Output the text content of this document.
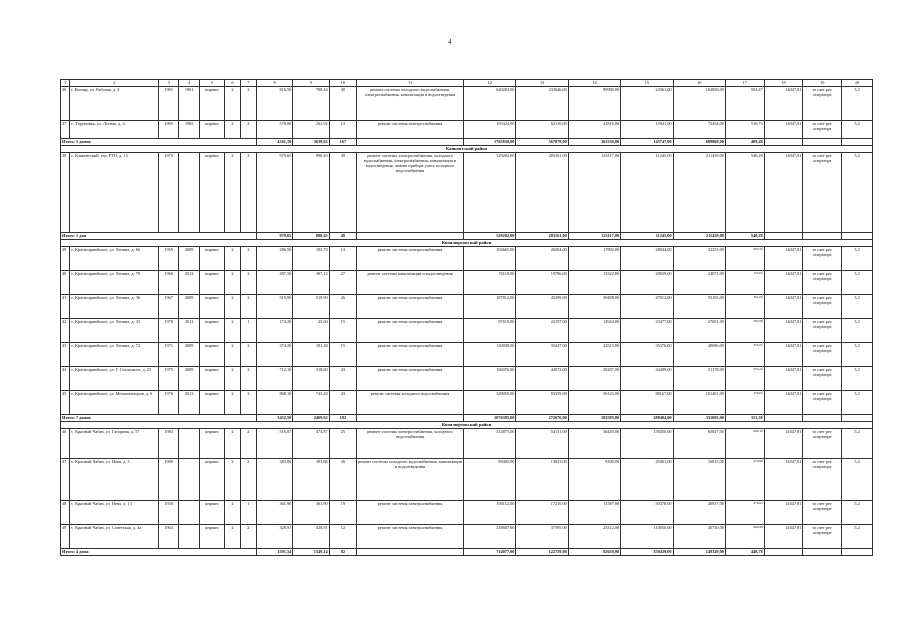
4
1	2	3	4	5	6	7	8	9	10	11	12	13	14	15	16	17	18	19	20
36	г. Кизляр, ул. Рабочая, д. 3	1961	1961	кирпич	2	2	816,50	788,44	40	ремонт системы холодного водоснабжения, электроснабжения, канализации и водоотведения	620283,00	233646,00	89980,00	24361,00	162856,00	502,47	14047,81	за счет рег. оператора	5,2
37	с. Тарумовка, ул. Лесная, д. 4	1965	1965	кирпич	2	2	578,00	262,92	13	ремонт системы электроснабжения	165324,00	62110,00	41816,00	15941,00	75454,00	516,73	14047,81	за счет рег. оператора	5,2
Итого: 5 домов							4361,19	3639,62	167		1765830,00	567878,00	362336,00	145747,00	689869,00	409,48			
Каякентский район																			
38	с. Каякентский, тер. РТП, д. 15	1979		кирпич	2	3	979,65	890,45	49	ремонт системы электроснабжения, холодного водоснабжения, электроснабжения, канализации и водоотведения, замена прибора учета холодного водоснабжения	529282,00	283161,00	123117,00	11345,00	211459,00	540,28	14047,81	за счет рег. оператора	5,2
Итого: 1 дом							979,65	890,45	49		529282,00	283161,00	123117,00	11345,00	211459,00	540,28			
Кизилюртовский район																			
39	с. Красноармейское, ул. Ленина, д. 66	1959	2009	кирпич	2	2	286,50	183,70	13	ремонт системы электроснабжения	104665,00	26504,00	17892,00	28044,00	32255,00	365,33	14047,81	за счет рег. оператора	5,2
40	с. Красноармейское, ул. Ленина, д. 70	1966	2012	кирпич	2	2	497,50	307,12	27	ремонт системы канализации и водоотведения	76110,00	19786,00	13322,00	20929,00	24071,00	153,05	14047,81	за счет рег. оператора	5,2
41	с. Красноармейское, ул. Ленина, д. 36	1967	2009	кирпич	2	2	519,90	519,90	26	ремонт системы электроснабжения	187812,00	45299,00	30498,00	47912,00	55103,00	361,06	14047,81	за счет рег. оператора	5,2
42	с. Красноармейское, ул. Ленина, д. 33	1978	2011	кирпич	2	1	174,20	25,60	15	ремонт системы электроснабжения	87619,00	22197,00	14944,00	23477,00	27001,00	502,98	14047,81	за счет рег. оператора	5,2
43	с. Красноармейское, ул. Ленина, д. 72	1971	2009	кирпич	2	2	374,20	181,20	15	ремонт системы электроснабжения	130038,00	33447,00	22513,00	35376,00	40686,00	355,65	14047,81	за счет рег. оператора	5,2
44	с. Красноармейское, ул. Г. Стальского, д. 25	1975	2009	кирпич	2	2	712,10	318,60	43	ремонт системы электроснабжения	166076,00	42072,00	28287,00	44499,00	51178,00	233,22	14047,81	за счет рег. оператора	5,2
45	с. Красноармейское, ул. Механизаторов, д. 6	1976	2013	кирпич	2	3	868,10	743,20	43	ремонт системы холодного водоснабжения	329050,00	83359,00	56123,00	88167,00	101401,00	379,05	14047,81	за счет рег. оператора	5,2
Итого: 7 домов							3432,50	2469,62	182		1076385,00	272676,00	183585,00	288404,00	331693,00	313,58			
Кизилюртовский район																			
46	с. Красный Чабан, ул. Гагарина, д. 57	1983		кирпич	2	2	516,87	474,87	25	ремонт системы электроснабжения, холодного водоснабжения	314875,00	54131,00	36445,00	158450,00	65847,00	609,19	14047,81	за счет рег. оператора	5,2
47	с. Красный Чабан, ул. Нева, д. 3	1989		кирпич	2	2	383,86	383,86	26	ремонт системы холодного водоснабжения, канализации и водоотведения	89405,00	13823,00	9306,00	49461,00	16815,00	279,68	14047,81	за счет рег. оператора	5,2
48	с. Красный Чабан, ул. Нева, д. 13	1930		кирпич	2	1	361,90	361,90	19	ремонт системы электроснабжения	100112,00	17210,00	11587,00	50378,00	20937,00	276,63	14047,81	за счет рег. оператора	5,2
49	с. Красный Чабан, ул. Советская, д. 4а	1963		кирпич	2	2	328,91	328,91	12	ремонт системы электроснабжения	218687,00	37595,00	25312,00	110050,00	45730,00	664,88	14047,81	за счет рег. оператора	5,2
Итого: 4 дома							1591,54	1549,14	82		714077,00	122759,00	82650,00	359439,00	149329,00	448,78			
